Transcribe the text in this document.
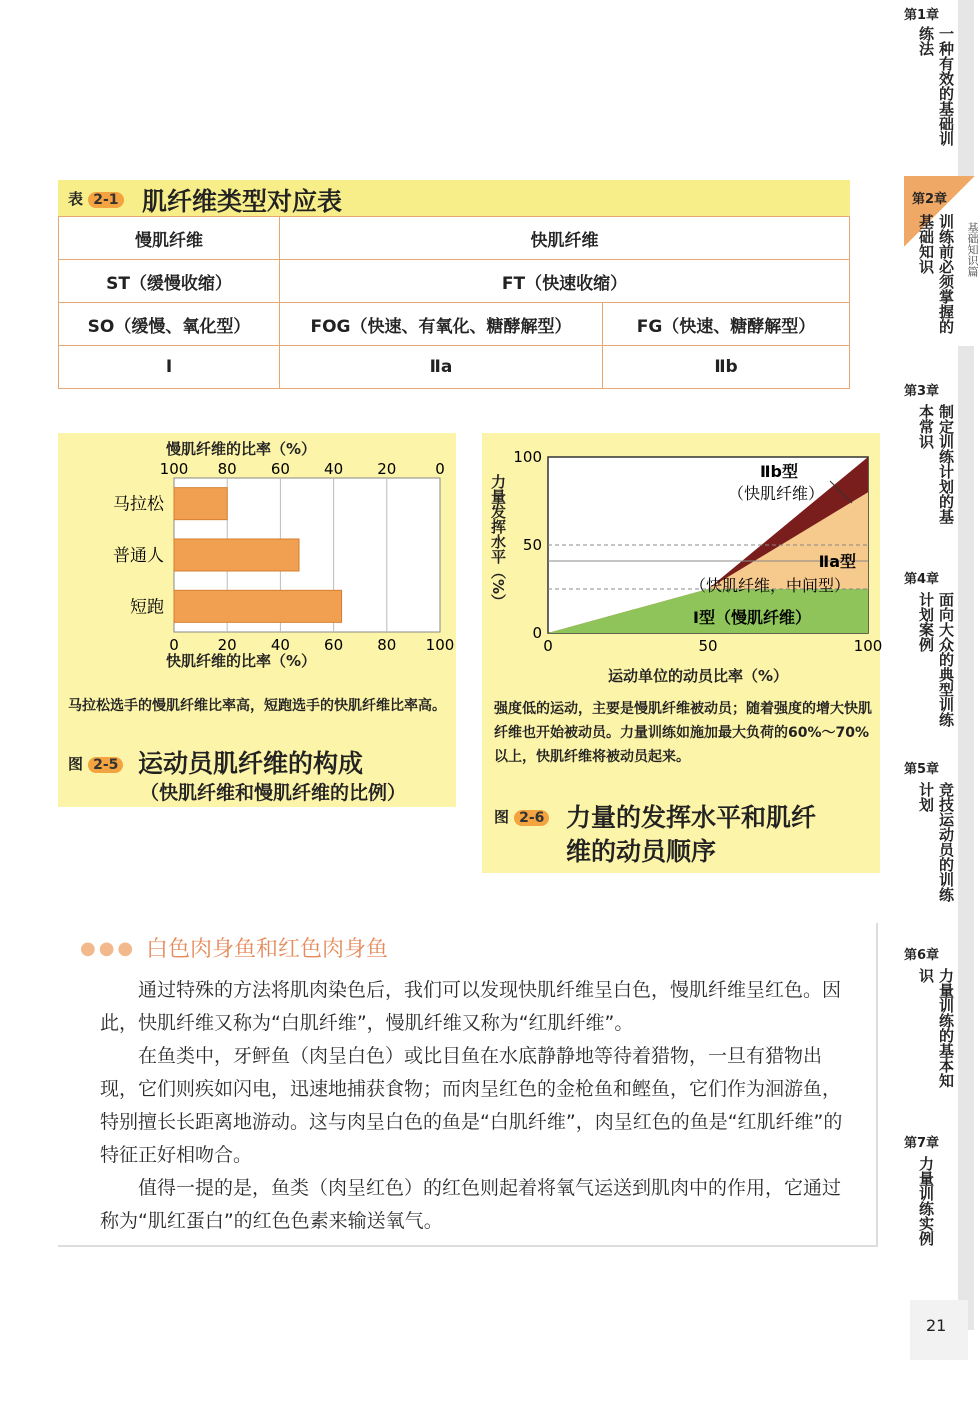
表 2-1 肌纤维类型对应表
慢肌纤维	快肌纤维	
ST（缓慢收缩）	FT（快速收缩）	
SO（缓慢、氧化型）	FOG（快速、有氧化、糖酵解型）	FG（快速、糖酵解型）
Ⅰ	Ⅱa	Ⅱb
慢肌纤维的比率（%）
100 80 60 40 20	0
0	20 40 60 80 100
马拉松
普通人
短跑
快肌纤维的比率（%）
马拉松选手的慢肌纤维比率高，短跑选手的快肌纤维比率高。
图 2-5 运动员肌纤维的构成
（快肌纤维和慢肌纤维的比例）
力量发挥水平（%）
100
50
0
0	50	100
Ⅱb型
（快肌纤维）
Ⅱa型
（快肌纤维，中间型）
Ⅰ型（慢肌纤维）
运动单位的动员比率（%）
强度低的运动，主要是慢肌纤维被动员；随着强度的增大快肌纤维也开始被动员。力量训练如施加最大负荷的60%～70%以上，快肌纤维将被动员起来。
图 2-6 力量的发挥水平和肌纤
维的动员顺序
●●● 白色肉身鱼和红色肉身鱼

通过特殊的方法将肌肉染色后，我们可以发现快肌纤维呈白色，慢肌纤维呈红色。因此，快肌纤维又称为“白肌纤维”，慢肌纤维又称为“红肌纤维”。

在鱼类中，牙鲆鱼（肉呈白色）或比目鱼在水底静静地等待着猎物，一旦有猎物出现，它们则疾如闪电，迅速地捕获食物；而肉呈红色的金枪鱼和鲣鱼，它们作为洄游鱼，特别擅长长距离地游动。这与肉呈白色的鱼是“白肌纤维”，肉呈红色的鱼是“红肌纤维”的特征正好相吻合。

值得一提的是，鱼类（肉呈红色）的红色则起着将氧气运送到肌肉中的作用，它通过称为“肌红蛋白”的红色色素来输送氧气。

第1章
一种有效的基础训练法
第2章
训练前必须掌握的基础知识	基础知识篇
第3章
制定训练计划的基本常识
第4章
面向大众的典型训练计划案例
第5章
竞技运动员的训练计划
第6章
力量训练的基本知识
第7章
力量训练实例
21
